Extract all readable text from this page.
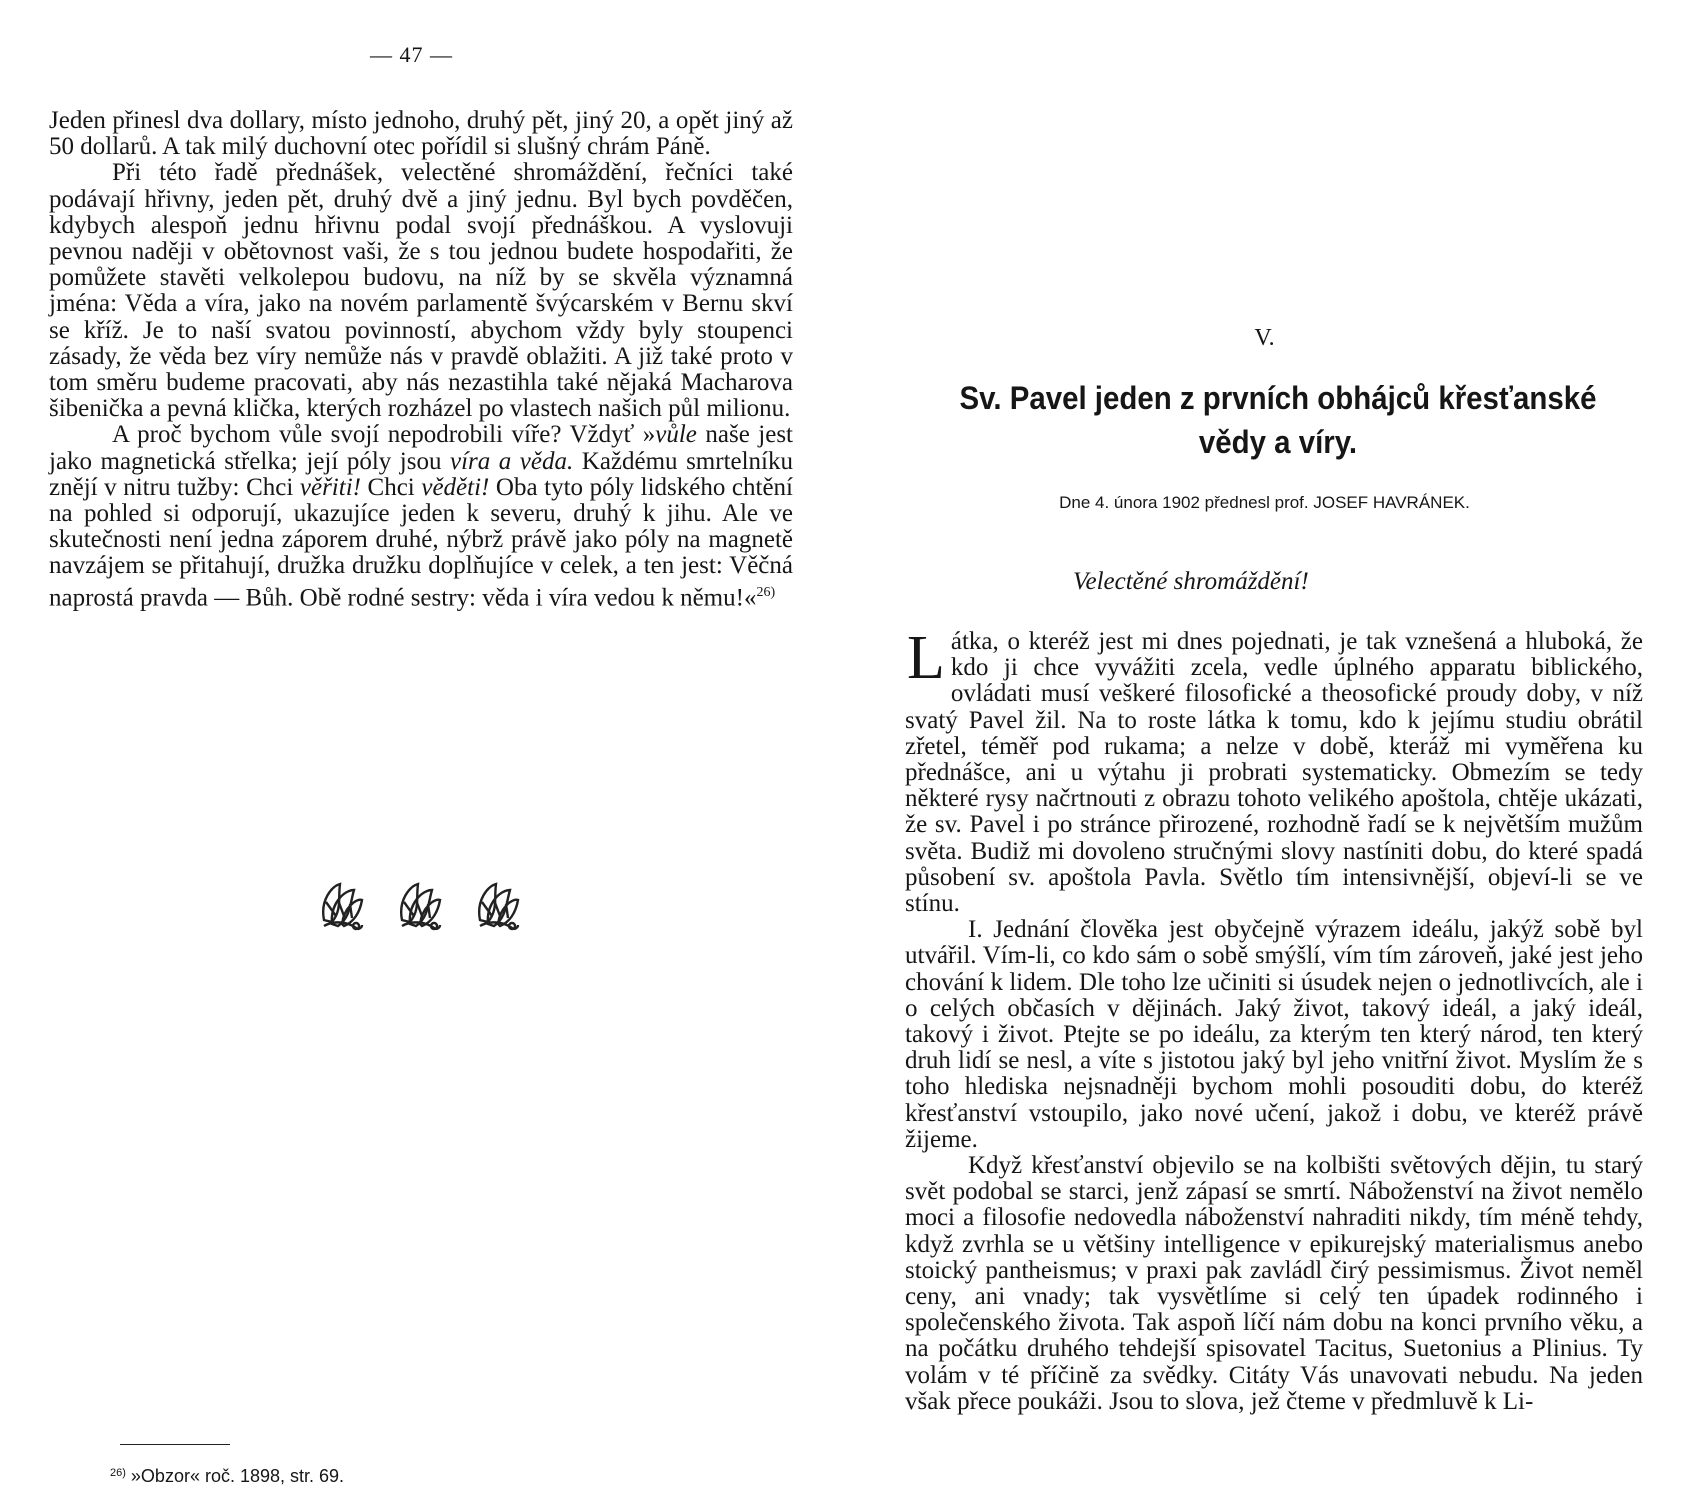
— 47 —

Jeden přinesl dva dollary, místo jednoho, druhý pět, jiný 20, a opět jiný až 50 dollarů. A tak milý duchovní otec pořídil si slušný chrám Páně.

Při této řadě přednášek, velectěné shromáždění, řečníci také podávají hřivny, jeden pět, druhý dvě a jiný jednu. Byl bych povděčen, kdybych alespoň jednu hřivnu podal svojí přednáškou. A vyslovuji pevnou naději v obětovnost vaši, že s tou jednou budete hospodařiti, že pomůžete stavěti velkolepou budovu, na níž by se skvěla významná jména: Věda a víra, jako na novém parlamentě švýcarském v Bernu skví se kříž. Je to naší svatou povinností, abychom vždy byly stoupenci zásady, že věda bez víry nemůže nás v pravdě oblažiti. A již také proto v tom směru budeme pracovati, aby nás nezastihla také nějaká Macharova šibenička a pevná klička, kterých rozházel po vlastech našich půl milionu.

A proč bychom vůle svojí nepodrobili víře? Vždyť »vůle naše jest jako magnetická střelka; její póly jsou víra a věda. Každému smrtelníku znějí v nitru tužby: Chci věřiti! Chci věděti! Oba tyto póly lidského chtění na pohled si odporují, ukazujíce jeden k severu, druhý k jihu. Ale ve skutečnosti není jedna záporem druhé, nýbrž právě jako póly na magnetě navzájem se přitahují, družka družku doplňujíce v celek, a ten jest: Věčná naprostá pravda — Bůh. Obě rodné sestry: věda i víra vedou k němu!«$^{26)}$

$^{26)}$ »Obzor« roč. 1898, str. 69.
V.
Sv. Pavel jeden z prvních obhájců křesťanské
vědy a víry.
Dne 4. února 1902 přednesl prof. JOSEF HAVRÁNEK.
Velectěné shromáždění!

Látka, o kteréž jest mi dnes pojednati, je tak vznešená a hluboká, že kdo ji chce vyvážiti zcela, vedle úplného apparatu biblického, ovládati musí veškeré filosofické a theosofické proudy doby, v níž svatý Pavel žil. Na to roste látka k tomu, kdo k jejímu studiu obrátil zřetel, téměř pod rukama; a nelze v době, kteráž mi vyměřena ku přednášce, ani u výtahu ji probrati systematicky. Obmezím se tedy některé rysy načrtnouti z obrazu tohoto velikého apoštola, chtěje ukázati, že sv. Pavel i po stránce přirozené, rozhodně řadí se k největším mužům světa. Budiž mi dovoleno stručnými slovy nastíniti dobu, do které spadá působení sv. apoštola Pavla. Světlo tím intensivnější, objeví-li se ve stínu.

I. Jednání člověka jest obyčejně výrazem ideálu, jakýž sobě byl utvářil. Vím-li, co kdo sám o sobě smýšlí, vím tím zároveň, jaké jest jeho chování k lidem. Dle toho lze učiniti si úsudek nejen o jednotlivcích, ale i o celých občasích v dějinách. Jaký život, takový ideál, a jaký ideál, takový i život. Ptejte se po ideálu, za kterým ten který národ, ten který druh lidí se nesl, a víte s jistotou jaký byl jeho vnitřní život. Myslím že s toho hlediska nejsnadněji bychom mohli posouditi dobu, do kteréž křesťanství vstoupilo, jako nové učení, jakož i dobu, ve kteréž právě žijeme.

Když křesťanství objevilo se na kolbišti světových dějin, tu starý svět podobal se starci, jenž zápasí se smrtí. Náboženství na život nemělo moci a filosofie nedovedla náboženství nahraditi nikdy, tím méně tehdy, když zvrhla se u většiny intelligence v epikurejský materialismus anebo stoický pantheismus; v praxi pak zavládl čirý pessimismus. Život neměl ceny, ani vnady; tak vysvětlíme si celý ten úpadek rodinného i společenského života. Tak aspoň líčí nám dobu na konci prvního věku, a na počátku druhého tehdejší spisovatel Tacitus, Suetonius a Plinius. Ty volám v té příčině za svědky. Citáty Vás unavovati nebudu. Na jeden však přece poukáži. Jsou to slova, jež čteme v předmluvě k Li-
